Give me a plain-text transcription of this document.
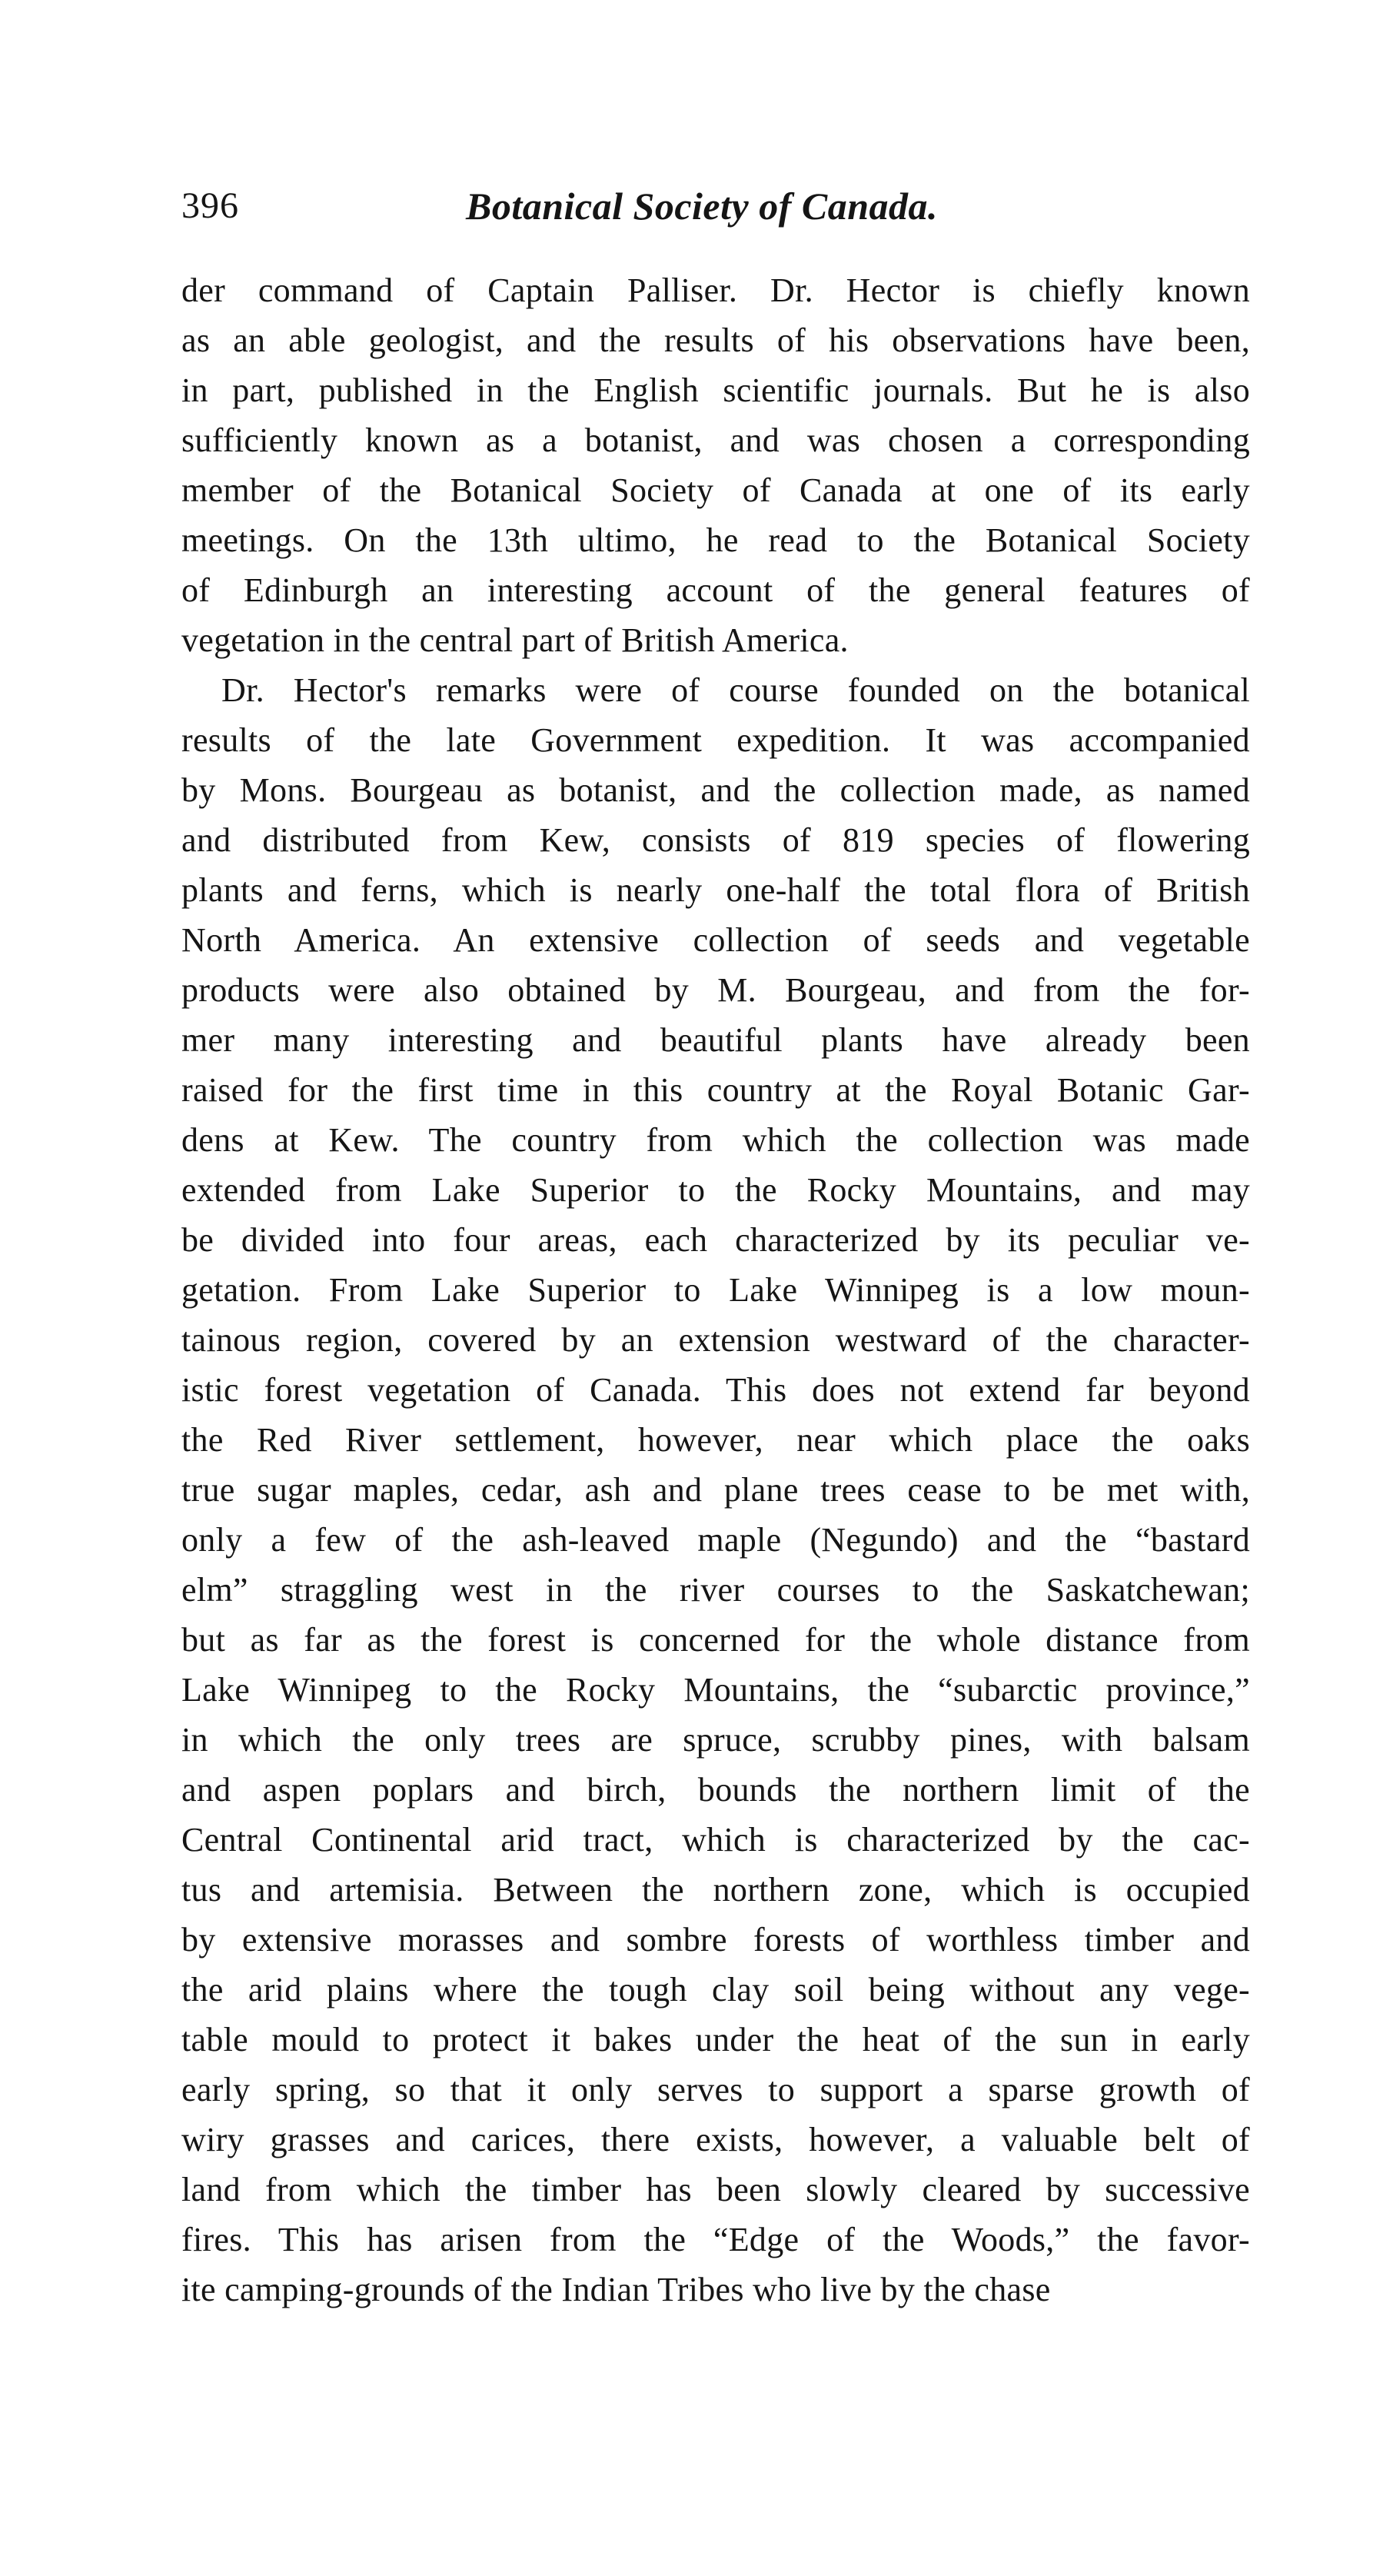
396	Botanical Society of Canada.
der command of Captain Palliser. Dr. Hector is chiefly known
as an able geologist, and the results of his observations have been,
in part, published in the English scientific journals. But he is also
sufficiently known as a botanist, and was chosen a corresponding
member of the Botanical Society of Canada at one of its early
meetings. On the 13th ultimo, he read to the Botanical Society
of Edinburgh an interesting account of the general features of
vegetation in the central part of British America.
Dr. Hector's remarks were of course founded on the botanical
results of the late Government expedition. It was accompanied
by Mons. Bourgeau as botanist, and the collection made, as named
and distributed from Kew, consists of 819 species of flowering
plants and ferns, which is nearly one-half the total flora of British
North America. An extensive collection of seeds and vegetable
products were also obtained by M. Bourgeau, and from the for-
mer many interesting and beautiful plants have already been
raised for the first time in this country at the Royal Botanic Gar-
dens at Kew. The country from which the collection was made
extended from Lake Superior to the Rocky Mountains, and may
be divided into four areas, each characterized by its peculiar ve-
getation. From Lake Superior to Lake Winnipeg is a low moun-
tainous region, covered by an extension westward of the character-
istic forest vegetation of Canada. This does not extend far beyond
the Red River settlement, however, near which place the oaks
true sugar maples, cedar, ash and plane trees cease to be met with,
only a few of the ash-leaved maple (Negundo) and the “bastard
elm” straggling west in the river courses to the Saskatchewan;
but as far as the forest is concerned for the whole distance from
Lake Winnipeg to the Rocky Mountains, the “subarctic province,”
in which the only trees are spruce, scrubby pines, with balsam
and aspen poplars and birch, bounds the northern limit of the
Central Continental arid tract, which is characterized by the cac-
tus and artemisia. Between the northern zone, which is occupied
by extensive morasses and sombre forests of worthless timber and
the arid plains where the tough clay soil being without any vege-
table mould to protect it bakes under the heat of the sun in early
early spring, so that it only serves to support a sparse growth of
wiry grasses and carices, there exists, however, a valuable belt of
land from which the timber has been slowly cleared by successive
fires. This has arisen from the “Edge of the Woods,” the favor-
ite camping-grounds of the Indian Tribes who live by the chase
